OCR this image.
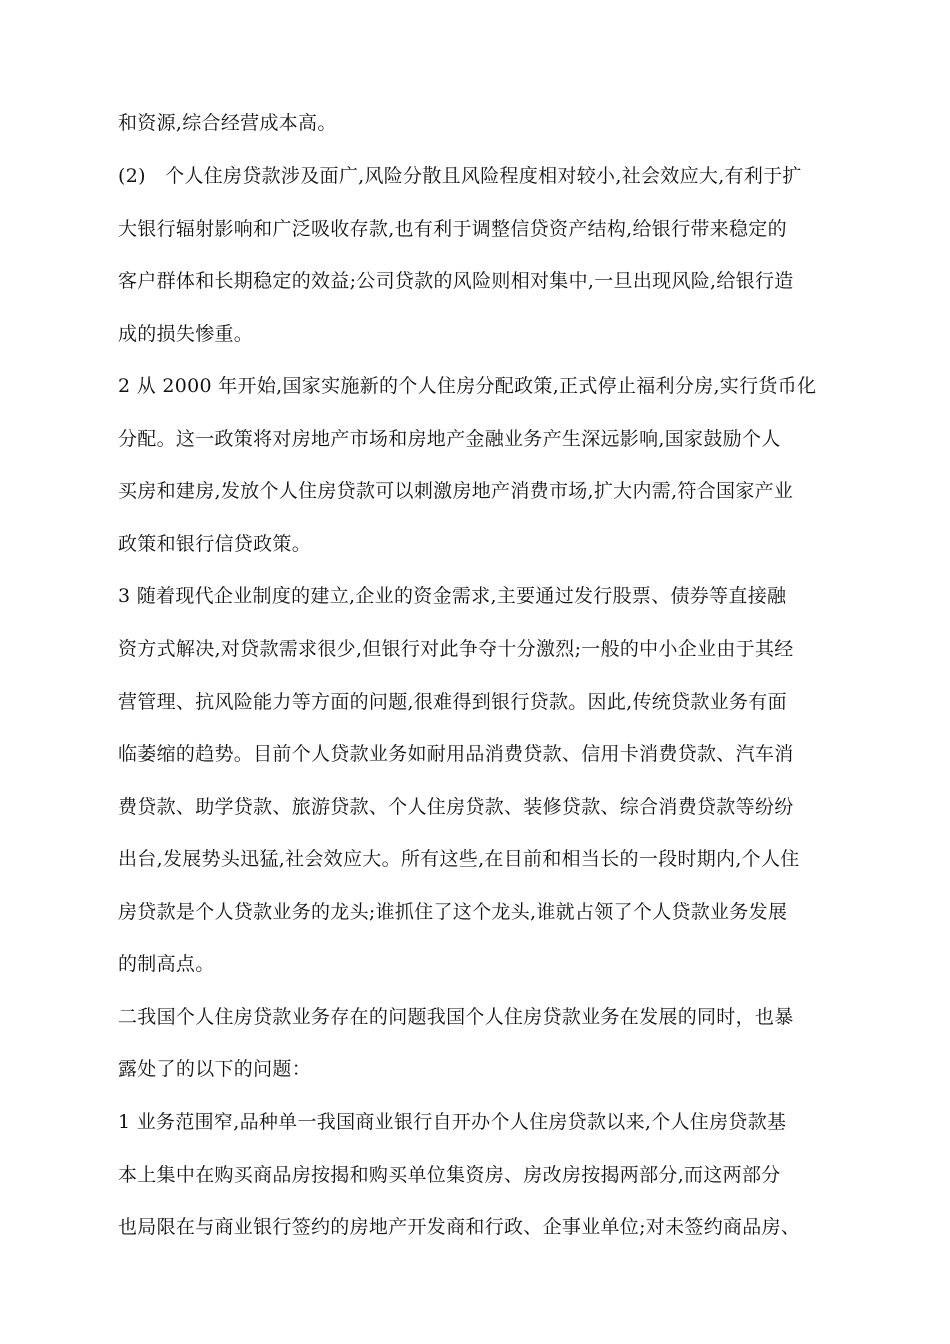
和资源,综合经营成本高。
(2)　个人住房贷款涉及面广,风险分散且风险程度相对较小,社会效应大,有利于扩
大银行辐射影响和广泛吸收存款,也有利于调整信贷资产结构,给银行带来稳定的
客户群体和长期稳定的效益;公司贷款的风险则相对集中,一旦出现风险,给银行造
成的损失惨重。
2 从 2000 年开始,国家实施新的个人住房分配政策,正式停止福利分房,实行货币化
分配。这一政策将对房地产市场和房地产金融业务产生深远影响,国家鼓励个人
买房和建房,发放个人住房贷款可以刺激房地产消费市场,扩大内需,符合国家产业
政策和银行信贷政策。
3 随着现代企业制度的建立,企业的资金需求,主要通过发行股票、债券等直接融
资方式解决,对贷款需求很少,但银行对此争夺十分激烈;一般的中小企业由于其经
营管理、抗风险能力等方面的问题,很难得到银行贷款。因此,传统贷款业务有面
临萎缩的趋势。目前个人贷款业务如耐用品消费贷款、信用卡消费贷款、汽车消
费贷款、助学贷款、旅游贷款、个人住房贷款、装修贷款、综合消费贷款等纷纷
出台,发展势头迅猛,社会效应大。所有这些,在目前和相当长的一段时期内,个人住
房贷款是个人贷款业务的龙头;谁抓住了这个龙头,谁就占领了个人贷款业务发展
的制高点。
二我国个人住房贷款业务存在的问题我国个人住房贷款业务在发展的同时，也暴
露处了的以下的问题：
1 业务范围窄,品种单一我国商业银行自开办个人住房贷款以来,个人住房贷款基
本上集中在购买商品房按揭和购买单位集资房、房改房按揭两部分,而这两部分
也局限在与商业银行签约的房地产开发商和行政、企事业单位;对未签约商品房、
